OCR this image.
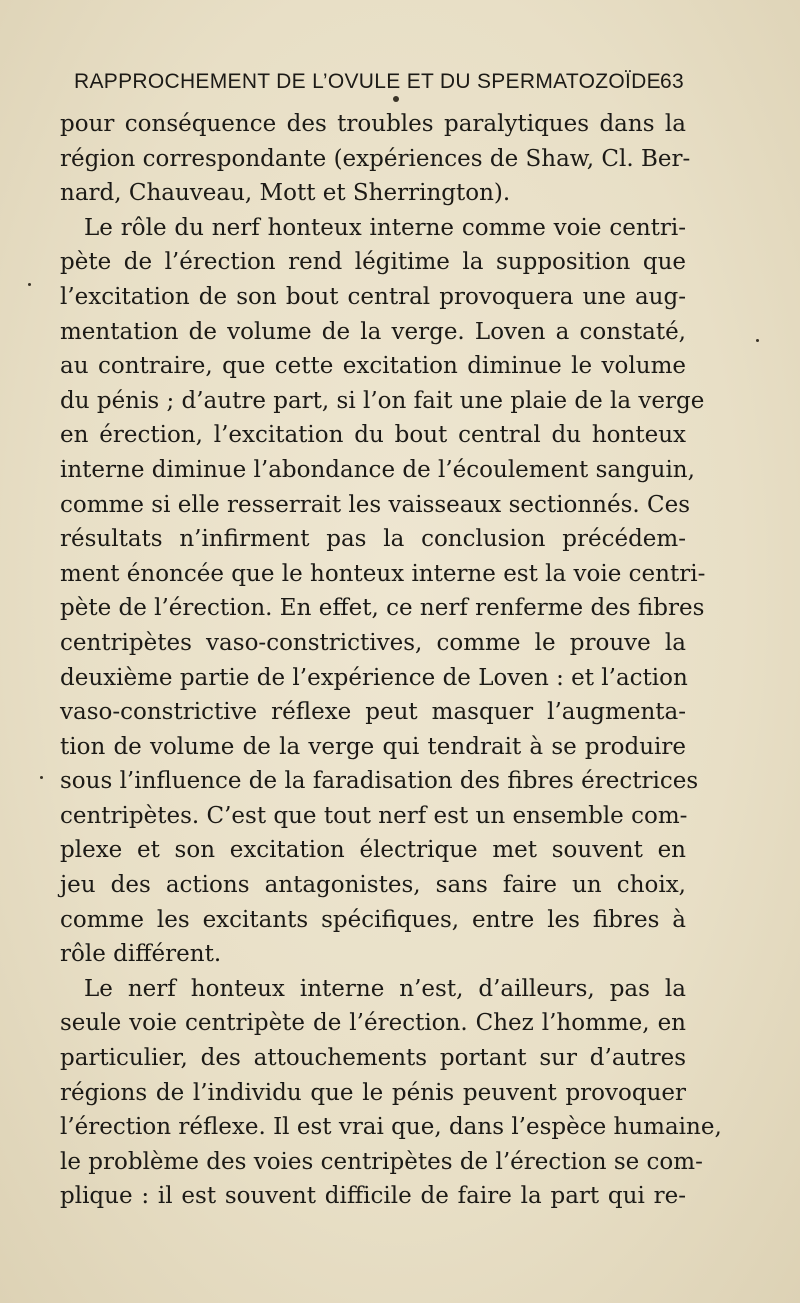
RAPPROCHEMENT DE L’OVULE ET DU SPERMATOZOÏDE 63
pour conséquence des troubles paralytiques dans la
région correspondante (expériences de Shaw, Cl. Ber-
nard, Chauveau, Mott et Sherrington).
Le rôle du nerf honteux interne comme voie centri-
pète de l’érection rend légitime la supposition que
l’excitation de son bout central provoquera une aug-
mentation de volume de la verge. Loven a constaté,
au contraire, que cette excitation diminue le volume
du pénis ; d’autre part, si l’on fait une plaie de la verge
en érection, l’excitation du bout central du honteux
interne diminue l’abondance de l’écoulement sanguin,
comme si elle resserrait les vaisseaux sectionnés. Ces
résultats n’infirment pas la conclusion précédem-
ment énoncée que le honteux interne est la voie centri-
pète de l’érection. En effet, ce nerf renferme des fibres
centripètes vaso-constrictives, comme le prouve la
deuxième partie de l’expérience de Loven : et l’action
vaso-constrictive réflexe peut masquer l’augmenta-
tion de volume de la verge qui tendrait à se produire
sous l’influence de la faradisation des fibres érectrices
centripètes. C’est que tout nerf est un ensemble com-
plexe et son excitation électrique met souvent en
jeu des actions antagonistes, sans faire un choix,
comme les excitants spécifiques, entre les fibres à
rôle différent.
Le nerf honteux interne n’est, d’ailleurs, pas la
seule voie centripète de l’érection. Chez l’homme, en
particulier, des attouchements portant sur d’autres
régions de l’individu que le pénis peuvent provoquer
l’érection réflexe. Il est vrai que, dans l’espèce humaine,
le problème des voies centripètes de l’érection se com-
plique : il est souvent difficile de faire la part qui re-
